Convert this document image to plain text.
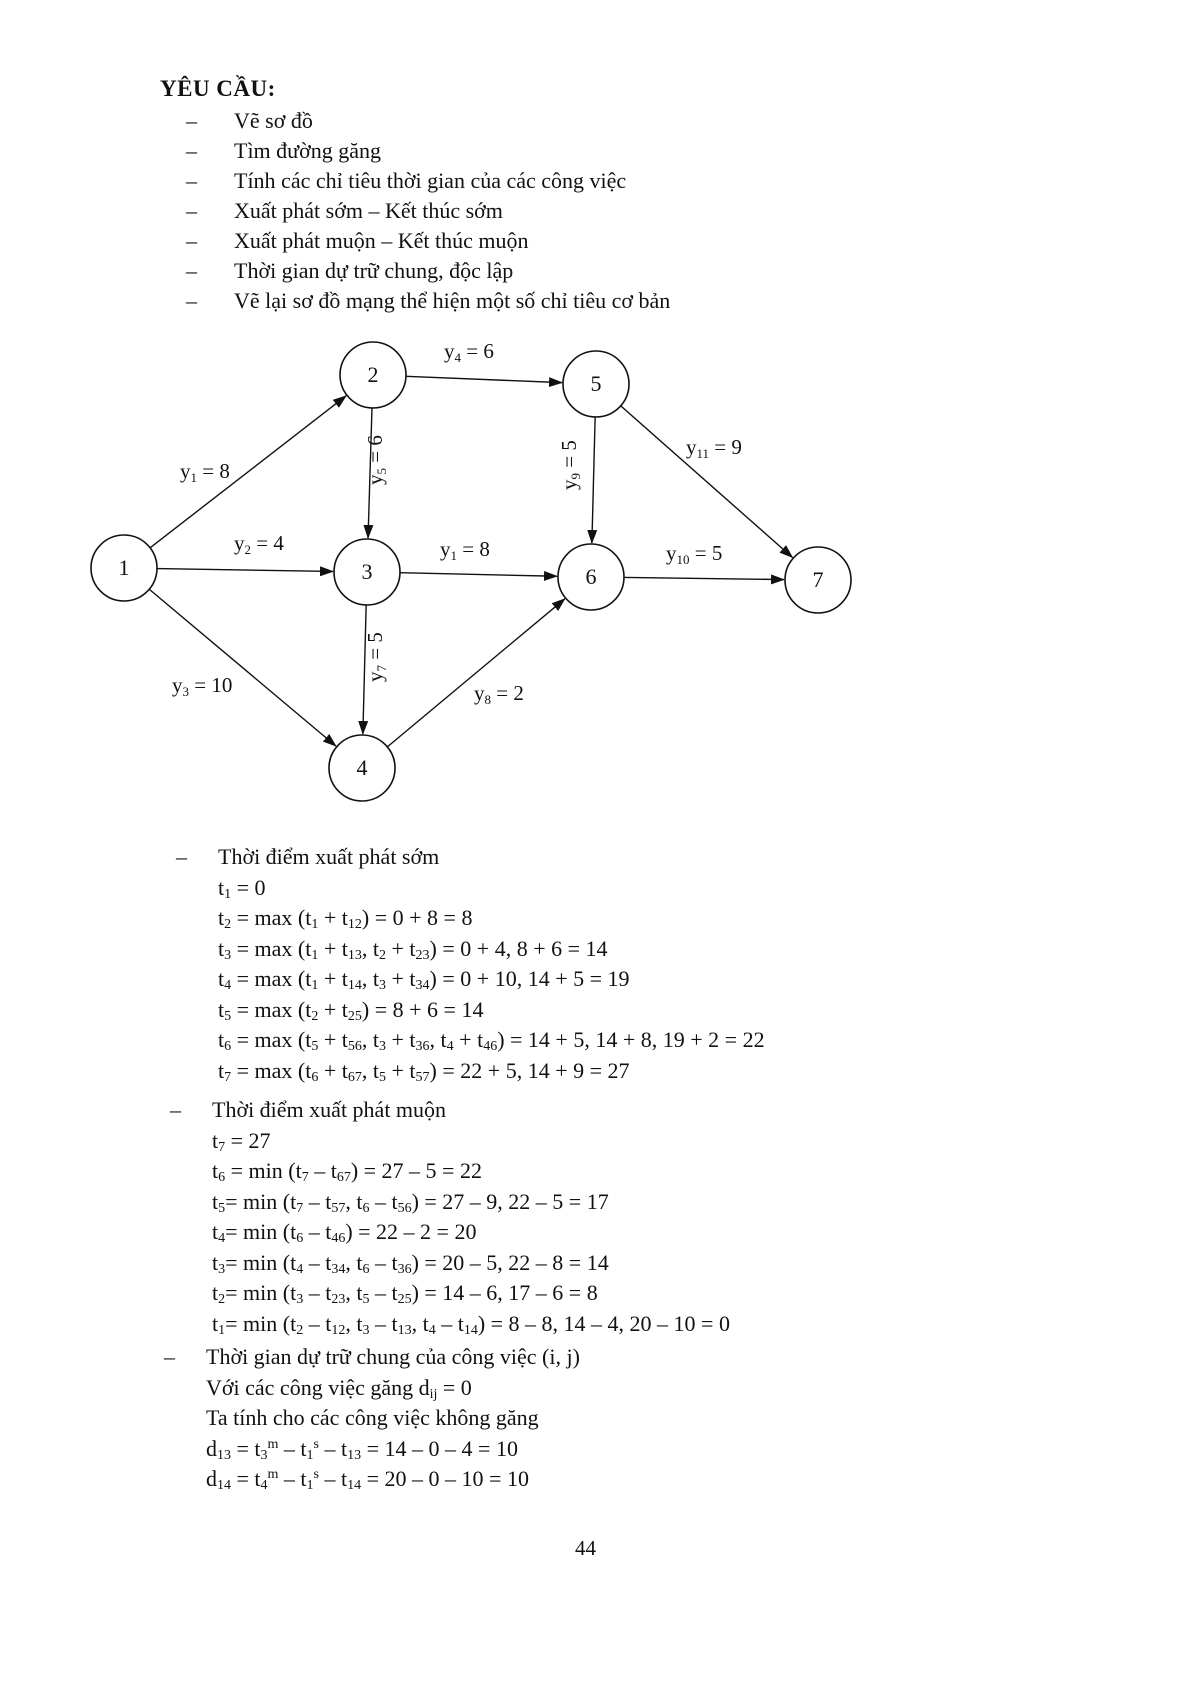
YÊU CẦU:
– Vẽ sơ đồ
– Tìm đường găng
– Tính các chỉ tiêu thời gian của các công việc
– Xuất phát sớm – Kết thúc sớm
– Xuất phát muộn – Kết thúc muộn
– Thời gian dự trữ chung, độc lập
– Vẽ lại sơ đồ mạng thể hiện một số chỉ tiêu cơ bản
y1 = 8
y2 = 4
y3 = 10
y4 = 6
y5 = 6
y1 = 8
y7 = 5
y8 = 2
y9 = 5
y10 = 5
y11 = 9
1
2
3
4
5
6	7
– Thời điểm xuất phát sớm
$t_1 = 0$
$t_2 = \max (t_1 + t_{12}) = 0 + 8 = 8$
$t_3 = \max (t_1 + t_{13}$, $t_2 + t_{23}) = 0 + 4$, 8 + 6 = 14
$t_4 = \max (t_1 + t_{14}$, $t_3 + t_{34}) = 0 + 10$, 14 + 5 = 19
$t_5 = \max (t_2 + t_{25}) = 8 + 6 = 14$
$t_6 = \max (t_5 + t_{56}$, $t_3 + t_{36}$, $t_4 + t_{46}) = 14 + 5$, 14 + 8, 19 + 2 = 22
$t_7 = \max (t_6 + t_{67}$, $t_5 + t_{57}) = 22 + 5$, 14 + 9 = 27
– Thời điểm xuất phát muộn
$t_7 = 27$
$t_6 = \min (t_7 - t_{67}) = 27 - 5 = 22$
$t_5= \min (t_7 - t_{57}$, $t_6 - t_{56}) = 27 - 9$, 22 – 5 = 17
$t_4= \min (t_6 - t_{46}) = 22 - 2 = 20$
$t_3= \min (t_4 - t_{34}$, $t_6 - t_{36}) = 20 - 5$, 22 – 8 = 14
$t_2= \min (t_3 - t_{23}$, $t_5 - t_{25}) = 14 - 6$, 17 – 6 = 8
$t_1= \min (t_2 - t_{12}$, $t_3 - t_{13}$, $t_4 - t_{14}) = 8 - 8$, 14 – 4, 20 – 10 = 0
– Thời gian dự trữ chung của công việc (i, j)
Với các công việc găng $d_{ij} = 0$
Ta tính cho các công việc không găng
$d_{13} = t_3^m - t_1^s - t_{13} = 14 - 0 - 4 = 10$
$d_{14} = t_4^m - t_1^s - t_{14} = 20 - 0 - 10 = 10$
44
